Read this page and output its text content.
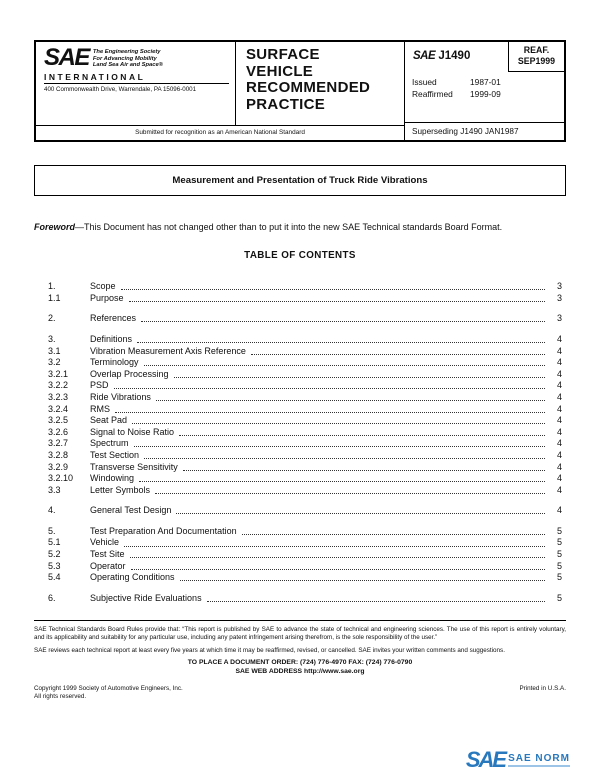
SAE The Engineering Society
For Advancing Mobility
Land Sea Air and Space®
INTERNATIONAL
400 Commonwealth Drive, Warrendale, PA 15096-0001
SURFACE
VEHICLE
RECOMMENDED
PRACTICE
Submitted for recognition as an American National Standard
SAE J1490	REAF.
SEP1999
Issued	1987-01
Reaffirmed	1999-09
Superseding J1490 JAN1987
Measurement and Presentation of Truck Ride Vibrations

Foreword—This Document has not changed other than to put it into the new SAE Technical standards Board Format.

TABLE OF CONTENTS
1.	Scope	3
1.1	Purpose	3
2.	References	3
3.	Definitions	4
3.1	Vibration Measurement Axis Reference	4
3.2	Terminology	4
3.2.1	Overlap Processing	4
3.2.2	PSD	4
3.2.3	Ride Vibrations	4
3.2.4	RMS	4
3.2.5	Seat Pad	4
3.2.6	Signal to Noise Ratio	4
3.2.7	Spectrum	4
3.2.8	Test Section	4
3.2.9	Transverse Sensitivity	4
3.2.10	Windowing	4
3.3	Letter Symbols	4
4.	General Test Design	4
5.	Test Preparation And Documentation	5
5.1	Vehicle	5
5.2	Test Site	5
5.3	Operator	5
5.4	Operating Conditions	5
6.	Subjective Ride Evaluations	5

SAE Technical Standards Board Rules provide that: “This report is published by SAE to advance the state of technical and engineering sciences. The use of this report is entirely voluntary, and its applicability and suitability for any particular use, including any patent infringement arising therefrom, is the sole responsibility of the user.”

SAE reviews each technical report at least every five years at which time it may be reaffirmed, revised, or cancelled. SAE invites your written comments and suggestions.

TO PLACE A DOCUMENT ORDER: (724) 776-4970 FAX: (724) 776-0790
SAE WEB ADDRESS http://www.sae.org
Copyright 1999 Society of Automotive Engineers, Inc.
All rights reserved.
Printed in U.S.A.
SAE SAE NORM
